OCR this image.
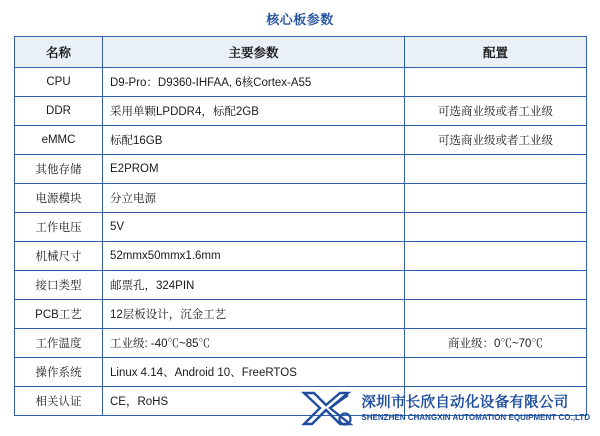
核心板参数
名称	主要参数	配置
CPU	D9-Pro：D9360-IHFAA, 6核Cortex-A55	
DDR	采用单颗LPDDR4，标配2GB	可选商业级或者工业级
eMMC	标配16GB	可选商业级或者工业级
其他存储	E2PROM	
电源模块	分立电源	
工作电压	5V	
机械尺寸	52mmx50mmx1.6mm	
接口类型	邮票孔，324PIN	
PCB工艺	12层板设计，沉金工艺	
工作温度	工业级: -40℃~85℃	商业级：0℃~70℃
操作系统	Linux 4.14、Android 10、FreeRTOS	
相关认证	CE，RoHS		深圳市长欣自动化设备有限公司
SHENZHEN CHANGXIN AUTOMATION EQUIPMENT CO.,LTD
